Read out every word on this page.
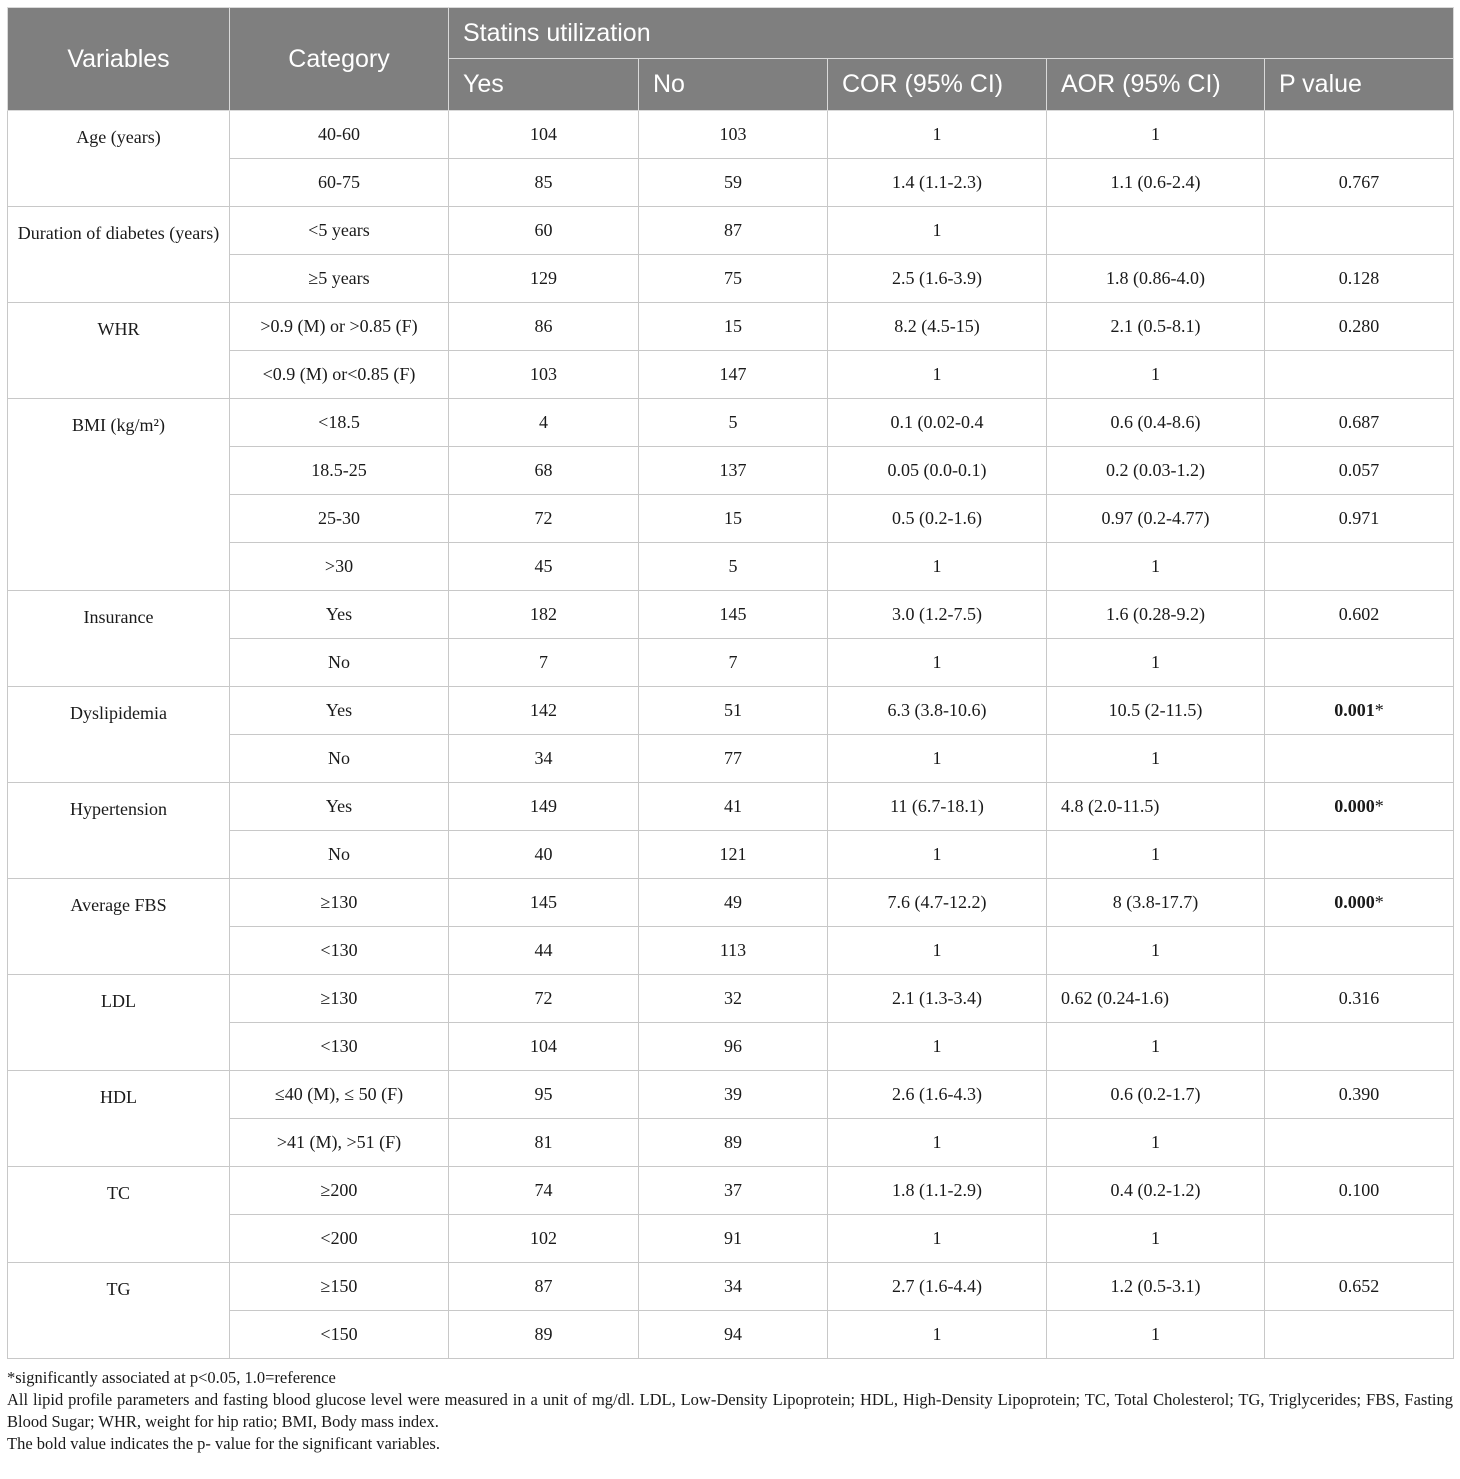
Variables	Category	Statins utilization				
		Yes	No	COR (95% CI)	AOR (95% CI)	P value
Age (years)	40-60	104	103	1	1	
	60-75	85	59	1.4 (1.1-2.3)	1.1 (0.6-2.4)	0.767
Duration of diabetes (years)	<5 years	60	87	1		
	≥5 years	129	75	2.5 (1.6-3.9)	1.8 (0.86-4.0)	0.128
WHR	>0.9 (M) or >0.85 (F)	86	15	8.2 (4.5-15)	2.1 (0.5-8.1)	0.280
	<0.9 (M) or<0.85 (F)	103	147	1	1	
BMI (kg/m²)	<18.5	4	5	0.1 (0.02-0.4	0.6 (0.4-8.6)	0.687
	18.5-25	68	137	0.05 (0.0-0.1)	0.2 (0.03-1.2)	0.057
	25-30	72	15	0.5 (0.2-1.6)	0.97 (0.2-4.77)	0.971
	>30	45	5	1	1	
Insurance	Yes	182	145	3.0 (1.2-7.5)	1.6 (0.28-9.2)	0.602
	No	7	7	1	1	
Dyslipidemia	Yes	142	51	6.3 (3.8-10.6)	10.5 (2-11.5)	0.001*
	No	34	77	1	1	
Hypertension	Yes	149	41	11 (6.7-18.1)	4.8 (2.0-11.5)	0.000*
	No	40	121	1	1	
Average FBS	≥130	145	49	7.6 (4.7-12.2)	8 (3.8-17.7)	0.000*
	<130	44	113	1	1	
LDL	≥130	72	32	2.1 (1.3-3.4)	0.62 (0.24-1.6)	0.316
	<130	104	96	1	1	
HDL	≤40 (M), ≤ 50 (F)	95	39	2.6 (1.6-4.3)	0.6 (0.2-1.7)	0.390
	>41 (M), >51 (F)	81	89	1	1	
TC	≥200	74	37	1.8 (1.1-2.9)	0.4 (0.2-1.2)	0.100
	<200	102	91	1	1	
TG	≥150	87	34	2.7 (1.6-4.4)	1.2 (0.5-3.1)	0.652
	<150	89	94	1	1	

*significantly associated at p<0.05, 1.0=reference

All lipid profile parameters and fasting blood glucose level were measured in a unit of mg/dl. LDL, Low-Density Lipoprotein; HDL, High-Density Lipoprotein; TC, Total Cholesterol; TG, Triglycerides; FBS, Fasting Blood Sugar; WHR, weight for hip ratio; BMI, Body mass index.

The bold value indicates the p- value for the significant variables.
